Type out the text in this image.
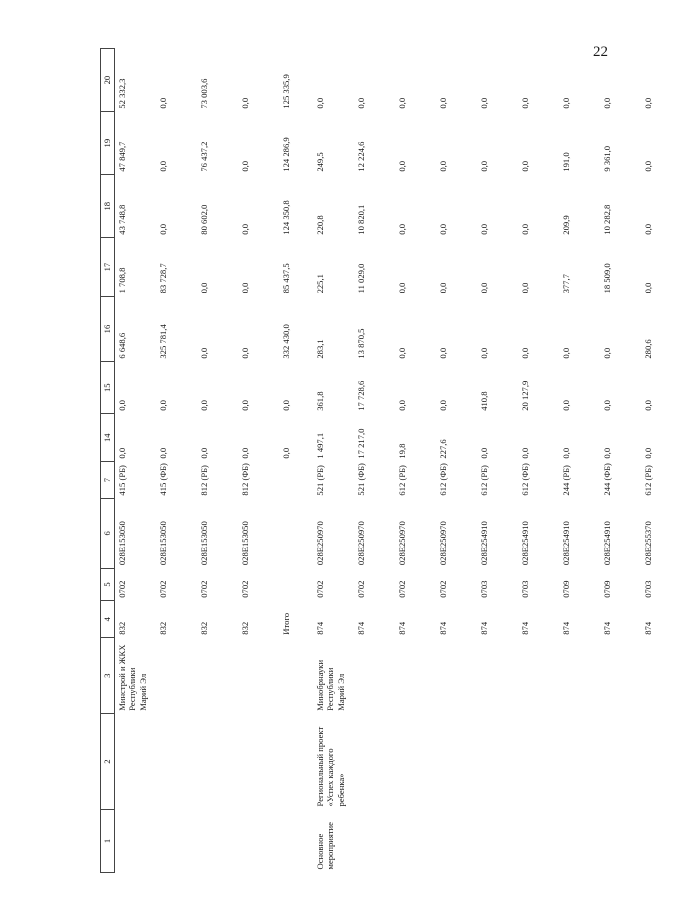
22
1	2	3	4	5	6	7	14	15	16	17	18	19	20
		Минстрой и ЖКХ Республики Марий Эл	832	0702	028E153050	415 (РБ)	0,0	0,0	6 648,6	1 708,8	43 748,8	47 849,7	52 332,3
			832	0702	028E153050	415 (ФБ)	0,0	0,0	325 781,4	83 728,7	0,0	0,0	0,0
			832	0702	028E153050	812 (РБ)	0,0	0,0	0,0	0,0	80 602,0	76 437,2	73 003,6
			832	0702	028E153050	812 (ФБ)	0,0	0,0	0,0	0,0	0,0	0,0	0,0
			Итого				0,0	0,0	332 430,0	85 437,5	124 350,8	124 286,9	125 335,9
Основное мероприятие	Региональный проект «Успех каждого ребенка»	Минобрнауки Республики Марий Эл	874	0702	028E250970	521 (РБ)	1 497,1	361,8	283,1	225,1	220,8	249,5	0,0
			874	0702	028E250970	521 (ФБ)	17 217,0	17 728,6	13 870,5	11 029,0	10 820,1	12 224,6	0,0
			874	0702	028E250970	612 (РБ)	19,8	0,0	0,0	0,0	0,0	0,0	0,0
			874	0702	028E250970	612 (ФБ)	227,6	0,0	0,0	0,0	0,0	0,0	0,0
			874	0703	028E254910	612 (РБ)	0,0	410,8	0,0	0,0	0,0	0,0	0,0
			874	0703	028E254910	612 (ФБ)	0,0	20 127,9	0,0	0,0	0,0	0,0	0,0
			874	0709	028E254910	244 (РБ)	0,0	0,0	0,0	377,7	209,9	191,0	0,0
			874	0709	028E254910	244 (ФБ)	0,0	0,0	0,0	18 509,0	10 282,8	9 361,0	0,0
			874	0703	028E255370	612 (РБ)	0,0	0,0	280,6	0,0	0,0	0,0	0,0
